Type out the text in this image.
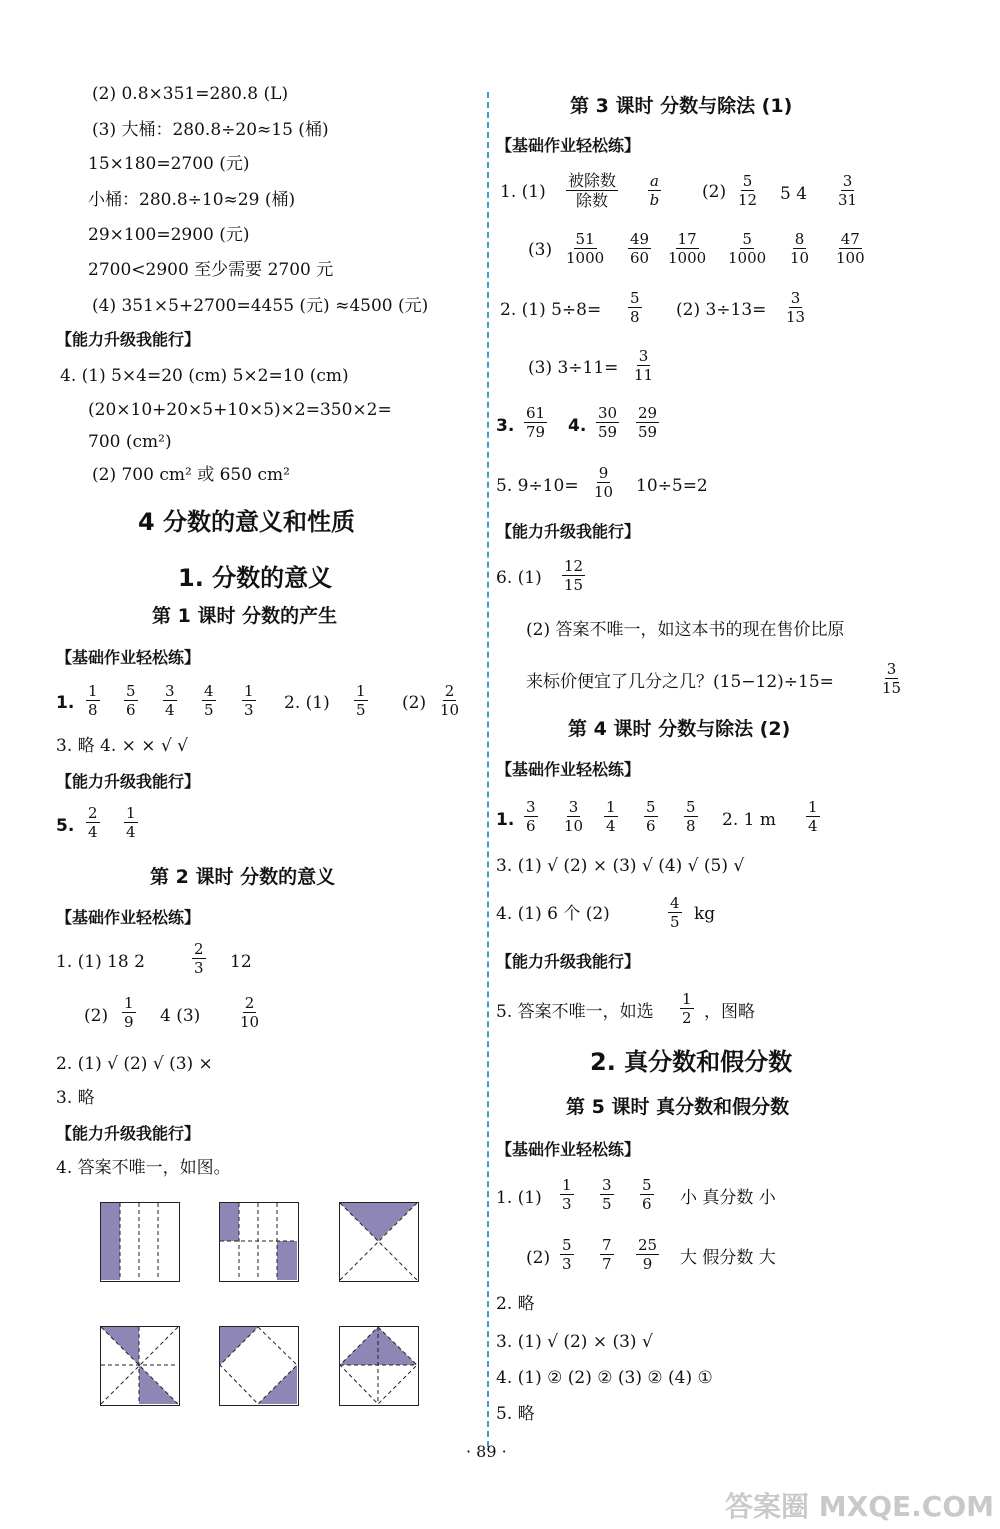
(2) 0.8×351=280.8 (L)
(3) 大桶：280.8÷20≈15 (桶)
15×180=2700 (元)
小桶：280.8÷10≈29 (桶)
29×100=2900 (元)
2700<2900 至少需要 2700 元
(4) 351×5+2700=4455 (元) ≈4500 (元)
【能力升级我能行】
4. (1) 5×4=20 (cm) 5×2=10 (cm)
(20×10+20×5+10×5)×2=350×2=
700 (cm²)
(2) 700 cm² 或 650 cm²
4 分数的意义和性质
1. 分数的意义
第 1 课时 分数的产生
【基础作业轻松练】
1.
1
8
5
6
3
4
4
5
1
3 2. (1)
1
5 (2)
2
10
3. 略 4. × × √ √
【能力升级我能行】
5.
2
4
1
4
第 2 课时 分数的意义
【基础作业轻松练】
1. (1) 18 2
2
3 12
(2)
1
9 4 (3)
2
10
2. (1) √ (2) √ (3) ×
3. 略
【能力升级我能行】
4. 答案不唯一，如图。
第 3 课时 分数与除法 (1)
【基础作业轻松练】
1. (1)
被除数
除数
a
b	(2)
5
12 5 4
3
31
(3)
51
1000
49
60
17
1000
5
1000
8
10
47
100
2. (1) 5÷8=
5
8 (2) 3÷13=
3
13
(3) 3÷11=
3
11
3.
61
79 4.
30
59
29
59
5. 9÷10=
9
10 10÷5=2
【能力升级我能行】
6. (1)
12
15
(2) 答案不唯一，如这本书的现在售价比原
来标价便宜了几分之几？(15−12)÷15=
3
15
第 4 课时 分数与除法 (2)
【基础作业轻松练】
1.
3
6
3
10
1
4
5
6
5
8 2. 1 m
1
4
3. (1) √ (2) × (3) √ (4) √ (5) √
4. (1) 6 个 (2)
4
5 kg
【能力升级我能行】
5. 答案不唯一，如选
1
2 ，图略
2. 真分数和假分数
第 5 课时 真分数和假分数
【基础作业轻松练】
1. (1)
1
3
3
5
5
6 小 真分数 小
(2)
5
3
7
7
25
9 大 假分数 大
2. 略
3. (1) √ (2) × (3) √
4. (1) ② (2) ② (3) ② (4) ①
5. 略
· 89 ·
答案圈 MXQE.COM
